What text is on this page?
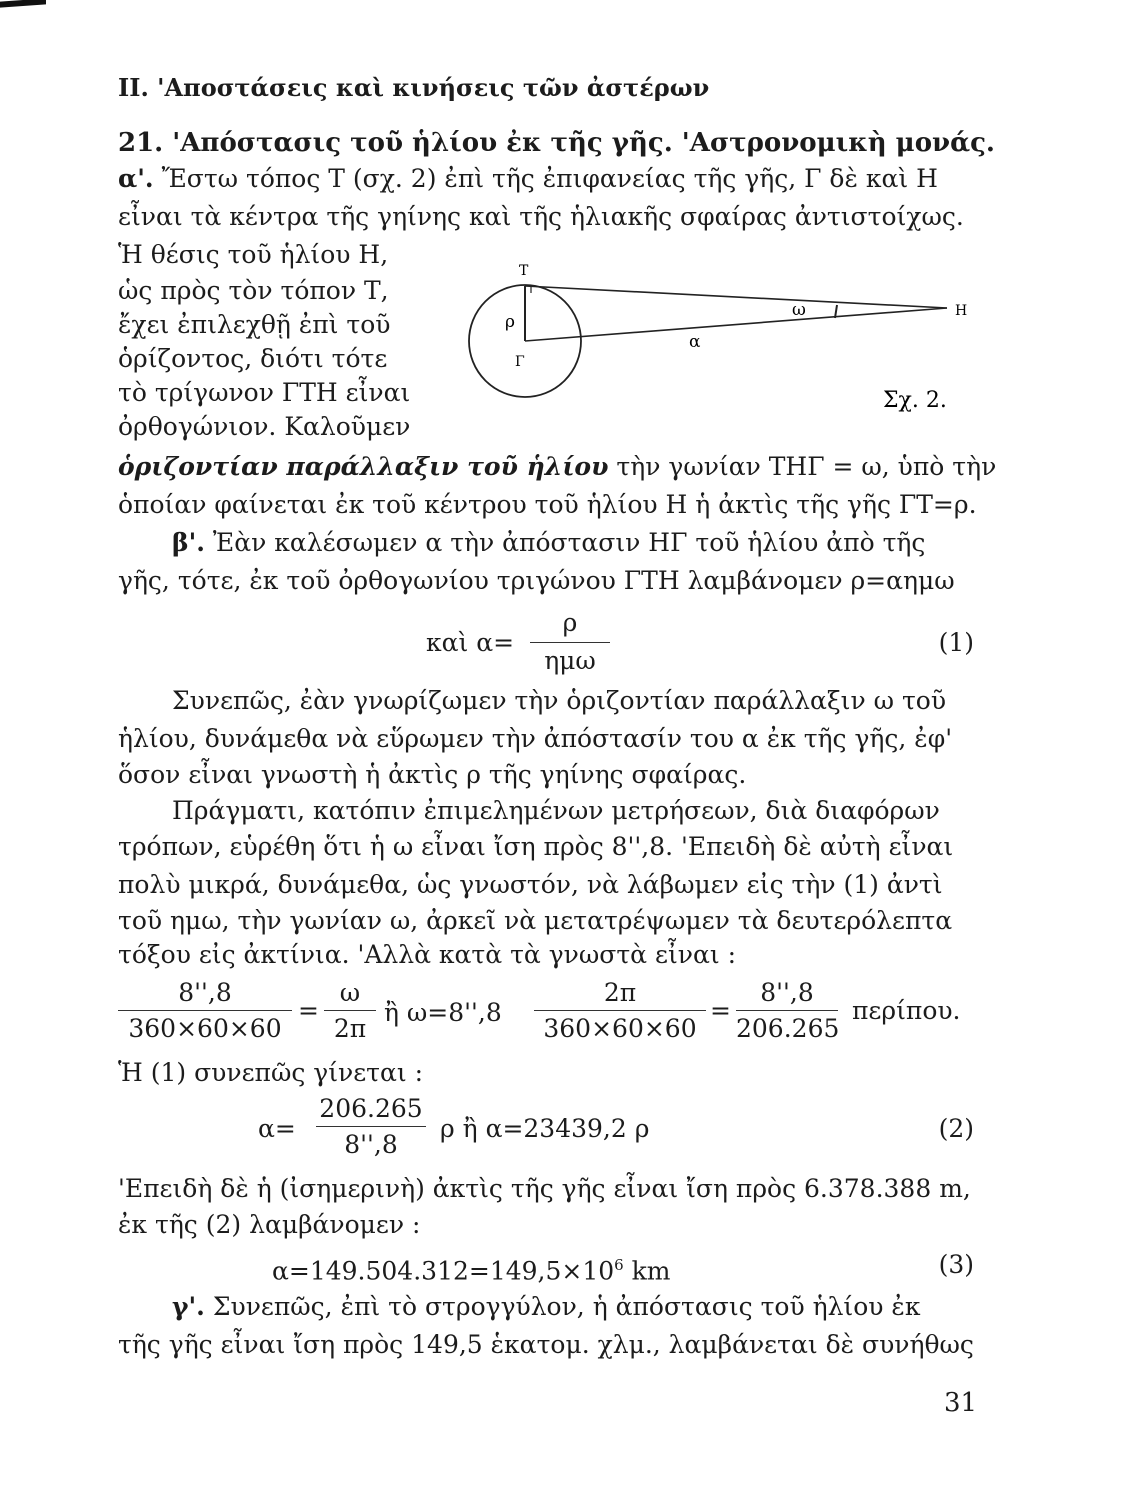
II. 'Αποστάσεις καὶ κινήσεις τῶν ἀστέρων
21. 'Απόστασις τοῦ ἡλίου ἐκ τῆς γῆς. 'Αστρονομικὴ μονάς.
α'. Ἔστω τόπος Τ (σχ. 2) ἐπὶ τῆς ἐπιφανείας τῆς γῆς, Γ δὲ καὶ Η
εἶναι τὰ κέντρα τῆς γηίνης καὶ τῆς ἡλιακῆς σφαίρας ἀντιστοίχως.
Ἡ θέσις τοῦ ἡλίου Η,
ὡς πρὸς τὸν τόπον Τ,
ἔχει ἐπιλεχθῇ ἐπὶ τοῦ
ὁρίζοντος, διότι τότε
τὸ τρίγωνον ΓΤΗ εἶναι
ὀρθογώνιον. Καλοῦμεν
Τ
ρ
Γ
ω
α
Η
Σχ. 2.
ὁριζοντίαν παράλλαξιν τοῦ ἡλίου τὴν γωνίαν ΤΗΓ = ω, ὑπὸ τὴν
ὁποίαν φαίνεται ἐκ τοῦ κέντρου τοῦ ἡλίου Η ἡ ἀκτὶς τῆς γῆς ΓΤ=ρ.
β'. Ἐὰν καλέσωμεν α τὴν ἀπόστασιν ΗΓ τοῦ ἡλίου ἀπὸ τῆς
γῆς, τότε, ἐκ τοῦ ὀρθογωνίου τριγώνου ΓΤΗ λαμβάνομεν ρ=αημω
καὶ α=
ρ
ημω
(1)
Συνεπῶς, ἐὰν γνωρίζωμεν τὴν ὁριζοντίαν παράλλαξιν ω τοῦ
ἡλίου, δυνάμεθα νὰ εὕρωμεν τὴν ἀπόστασίν του α ἐκ τῆς γῆς, ἐφ'
ὅσον εἶναι γνωστὴ ἡ ἀκτὶς ρ τῆς γηίνης σφαίρας.
Πράγματι, κατόπιν ἐπιμελημένων μετρήσεων, διὰ διαφόρων
τρόπων, εὑρέθη ὅτι ἡ ω εἶναι ἴση πρὸς 8'',8. 'Επειδὴ δὲ αὐτὴ εἶναι
πολὺ μικρά, δυνάμεθα, ὡς γνωστόν, νὰ λάβωμεν εἰς τὴν (1) ἀντὶ
τοῦ ημω, τὴν γωνίαν ω, ἀρκεῖ νὰ μετατρέψωμεν τὰ δευτερόλεπτα
τόξου εἰς ἀκτίνια. 'Αλλὰ κατὰ τὰ γνωστὰ εἶναι :
8'',8
360×60×60
=
ω
2π
ἢ ω=8'',8
2π
360×60×60
=
8'',8
206.265
περίπου.
Ἡ (1) συνεπῶς γίνεται :
α=
206.265
8'',8
ρ ἢ α=23439,2 ρ	(2)
'Επειδὴ δὲ ἡ (ἰσημερινὴ) ἀκτὶς τῆς γῆς εἶναι ἴση πρὸς 6.378.388 m,
ἐκ τῆς (2) λαμβάνομεν :
$\alpha=149.504.312=149,5\times 10^6$ km	(3)
γ'. Συνεπῶς, ἐπὶ τὸ στρογγύλον, ἡ ἀπόστασις τοῦ ἡλίου ἐκ
τῆς γῆς εἶναι ἴση πρὸς 149,5 ἑκατομ. χλμ., λαμβάνεται δὲ συνήθως
31
